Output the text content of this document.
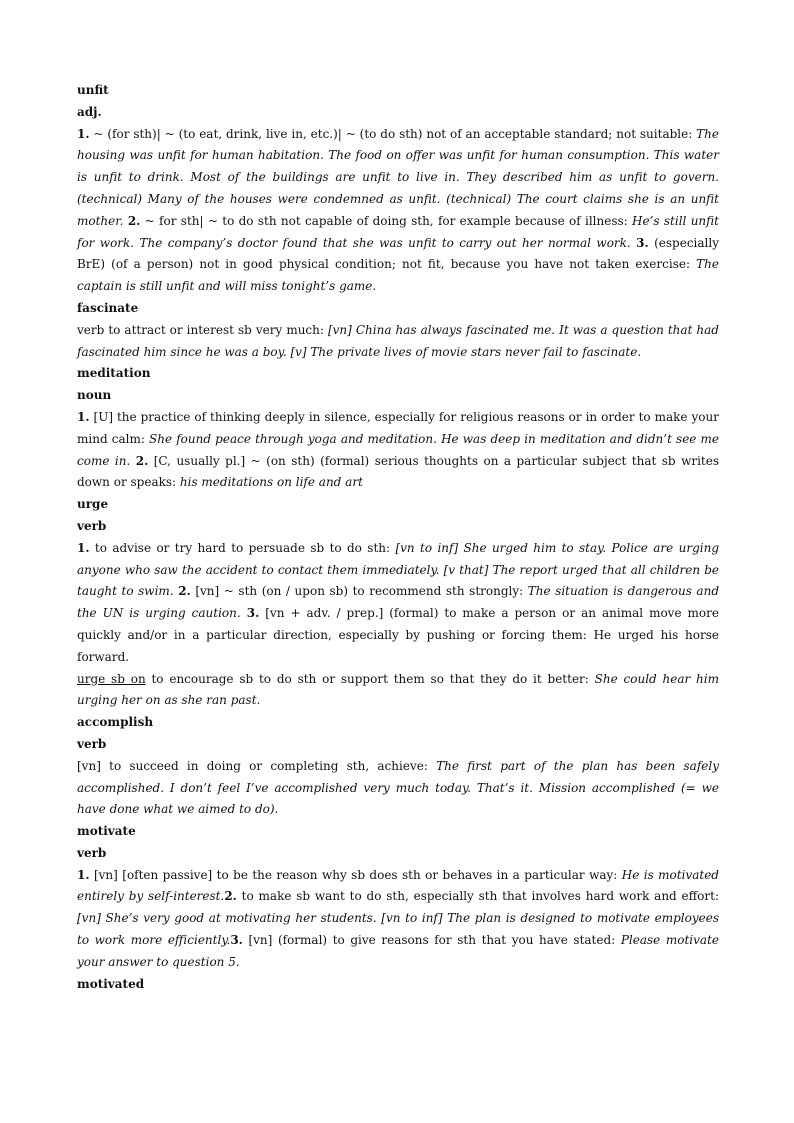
unfit
adj.
1. ~ (for sth)| ~ (to eat, drink, live in, etc.)| ~ (to do sth) not of an acceptable standard; not suitable: The housing was unfit for human habitation. The food on offer was unfit for human consumption. This water is unfit to drink. Most of the buildings are unfit to live in. They described him as unfit to govern. (technical) Many of the houses were condemned as unfit. (technical) The court claims she is an unfit mother. 2. ~ for sth| ~ to do sth not capable of doing sth, for example because of illness: He’s still unfit for work. The company’s doctor found that she was unfit to carry out her normal work. 3. (especially BrE) (of a person) not in good physical condition; not fit, because you have not taken exercise: The captain is still unfit and will miss tonight’s game.
fascinate
verb to attract or interest sb very much: [vn] China has always fascinated me. It was a question that had fascinated him since he was a boy. [v] The private lives of movie stars never fail to fascinate.
meditation
noun
1. [U] the practice of thinking deeply in silence, especially for religious reasons or in order to make your mind calm: She found peace through yoga and meditation. He was deep in meditation and didn’t see me come in. 2. [C, usually pl.] ~ (on sth) (formal) serious thoughts on a particular subject that sb writes down or speaks: his meditations on life and art
urge
verb
1. to advise or try hard to persuade sb to do sth: [vn to inf] She urged him to stay. Police are urging anyone who saw the accident to contact them immediately. [v that] The report urged that all children be taught to swim. 2. [vn] ~ sth (on / upon sb) to recommend sth strongly: The situation is dangerous and the UN is urging caution. 3. [vn + adv. / prep.] (formal) to make a person or an animal move more quickly and/or in a particular direction, especially by pushing or forcing them: He urged his horse forward.
urge sb on to encourage sb to do sth or support them so that they do it better: She could hear him urging her on as she ran past.
accomplish
verb
[vn] to succeed in doing or completing sth, achieve: The first part of the plan has been safely accomplished. I don’t feel I’ve accomplished very much today. That’s it. Mission accomplished (= we have done what we aimed to do).
motivate
verb
1. [vn] [often passive] to be the reason why sb does sth or behaves in a particular way: He is motivated entirely by self-interest.2. to make sb want to do sth, especially sth that involves hard work and effort: [vn] She’s very good at motivating her students. [vn to inf] The plan is designed to motivate employees to work more efficiently.3. [vn] (formal) to give reasons for sth that you have stated: Please motivate your answer to question 5.
motivated
